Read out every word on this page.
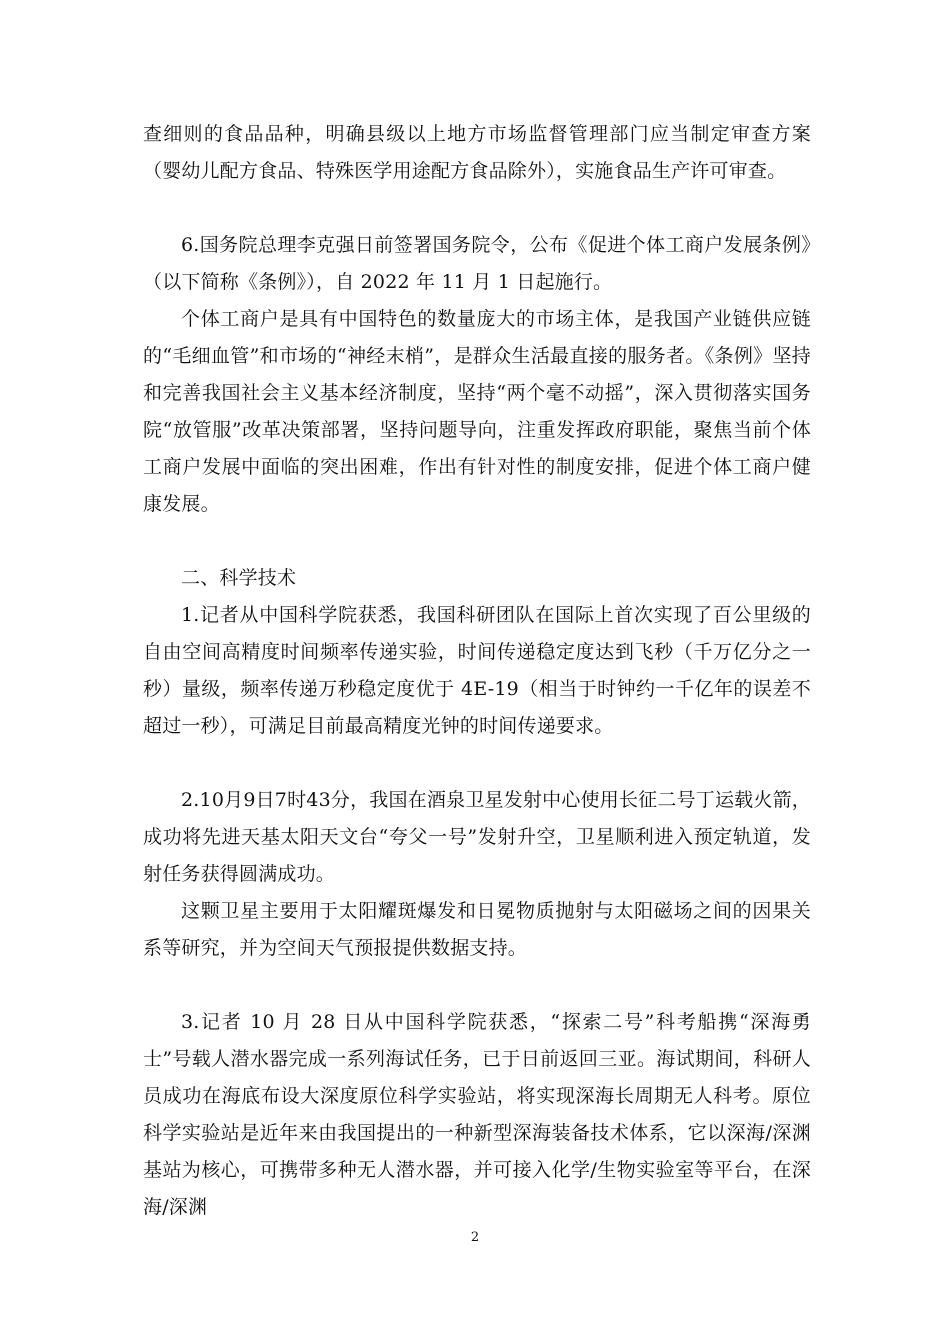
查细则的食品品种，明确县级以上地方市场监督管理部门应当制定审查方案（婴幼儿配方食品、特殊医学用途配方食品除外），实施食品生产许可审查。

6.国务院总理李克强日前签署国务院令，公布《促进个体工商户发展条例》（以下简称《条例》），自 2022 年 11 月 1 日起施行。

个体工商户是具有中国特色的数量庞大的市场主体，是我国产业链供应链的“毛细血管”和市场的“神经末梢”，是群众生活最直接的服务者。《条例》坚持和完善我国社会主义基本经济制度，坚持“两个毫不动摇”，深入贯彻落实国务院“放管服”改革决策部署，坚持问题导向，注重发挥政府职能，聚焦当前个体工商户发展中面临的突出困难，作出有针对性的制度安排，促进个体工商户健康发展。

二、科学技术

1.记者从中国科学院获悉，我国科研团队在国际上首次实现了百公里级的自由空间高精度时间频率传递实验，时间传递稳定度达到飞秒（千万亿分之一秒）量级，频率传递万秒稳定度优于 4E-19（相当于时钟约一千亿年的误差不超过一秒），可满足目前最高精度光钟的时间传递要求。

2.10月9日7时43分，我国在酒泉卫星发射中心使用长征二号丁运载火箭，成功将先进天基太阳天文台“夸父一号”发射升空，卫星顺利进入预定轨道，发射任务获得圆满成功。

这颗卫星主要用于太阳耀斑爆发和日冕物质抛射与太阳磁场之间的因果关系等研究，并为空间天气预报提供数据支持。

3.记者 10 月 28 日从中国科学院获悉，“探索二号”科考船携“深海勇士”号载人潜水器完成一系列海试任务，已于日前返回三亚。海试期间，科研人员成功在海底布设大深度原位科学实验站，将实现深海长周期无人科考。原位科学实验站是近年来由我国提出的一种新型深海装备技术体系，它以深海/深渊基站为核心，可携带多种无人潜水器，并可接入化学/生物实验室等平台，在深海/深渊

2
